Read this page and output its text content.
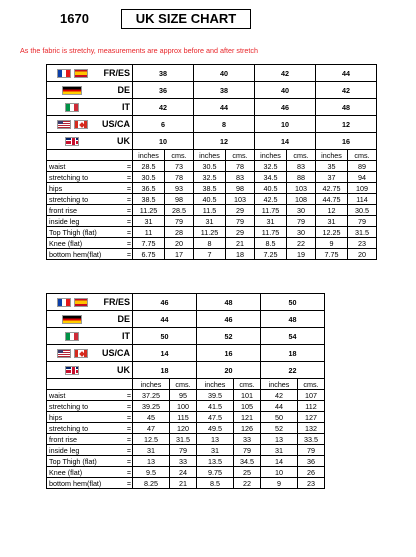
1670	UK SIZE CHART
As the fabric is stretchy, measurements are approx before and after stretch
FR/ES		38		40		42		44	

DE		36		38		40		42	

IT		42		44		46		48	

US/CA		6		8		10		12	

UK		10		12		14		16	
		inches	cms.	inches	cms.	inches	cms.	inches	cms.
waist	=	28.5	73	30.5	78	32.5	83	35	89
stretching to	=	30.5	78	32.5	83	34.5	88	37	94
hips	=	36.5	93	38.5	98	40.5	103	42.75	109
stretching to	=	38.5	98	40.5	103	42.5	108	44.75	114
front rise	=	11.25	28.5	11.5	29	11.75	30	12	30.5
inside leg	=	31	79	31	79	31	79	31	79
Top Thigh (flat)	=	11	28	11.25	29	11.75	30	12.25	31.5
Knee (flat)	=	7.75	20	8	21	8.5	22	9	23
bottom hem(flat)	=	6.75	17	7	18	7.25	19	7.75	20
FR/ES		46		48		50	

DE		44		46		48	

IT		50		52		54	

US/CA		14		16		18	

UK		18		20		22	
		inches	cms.	inches	cms.	inches	cms.
waist	=	37.25	95	39.5	101	42	107
stretching to	=	39.25	100	41.5	105	44	112
hips	=	45	115	47.5	121	50	127
stretching to	=	47	120	49.5	126	52	132
front rise	=	12.5	31.5	13	33	13	33.5
inside leg	=	31	79	31	79	31	79
Top Thigh (flat)	=	13	33	13.5	34.5	14	36
Knee (flat)	=	9.5	24	9.75	25	10	26
bottom hem(flat)	=	8.25	21	8.5	22	9	23
